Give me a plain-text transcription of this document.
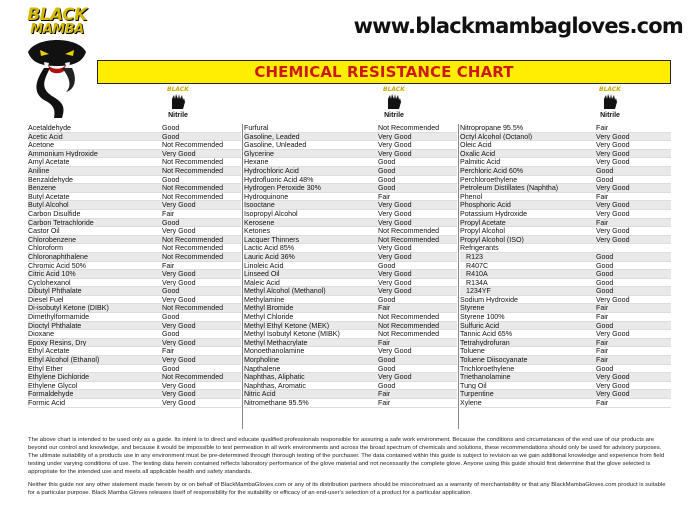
BLACK
MAMBA	www.blackmambagloves.com
CHEMICAL RESISTANCE CHART
BLACK
Nitrile
BLACK
Nitrile
BLACK
Nitrile
Acetaldehyde	Good
Acetic Acid	Good
Acetone	Not Recommended
Ammonium Hydroxide	Very Good
Amyl Acetate	Not Recommended
Aniline	Not Recommended
Benzaldehyde	Good
Benzene	Not Recommended
Butyl Acetate	Not Recommended
Butyl Alcohol	Very Good
Carbon Disulfide	Fair
Carbon Tetrachloride	Good
Castor Oil	Very Good
Chlorobenzene	Not Recommended
Chloroform	Not Recommended
Chloronaphthalene	Not Recommended
Chromic Acid 50%	Fair
Citric Acid 10%	Very Good
Cyclohexanol	Very Good
Dibutyl Phthalate	Good
Diesel Fuel	Very Good
Di-isobutyl Ketone (DIBK)	Not Recommended
Dimethylformamide	Good
Dioctyl Phthalate	Very Good
Dioxane	Good
Epoxy Resins, Dry	Very Good
Ethyl Acetate	Fair
Ethyl Alcohol (Ethanol)	Very Good
Ethyl Ether	Good
Ethylene Dichloride	Not Recommended
Ethylene Glycol	Very Good
Formaldehyde	Very Good
Formic Acid	Very Good
Furfural	Not Recommended
Gasoline, Leaded	Very Good
Gasoline, Unleaded	Very Good
Glycerine	Very Good
Hexane	Good
Hydrochloric Acid	Good
Hydrofluoric Acid 48%	Good
Hydrogen Peroxide 30%	Good
Hydroquinone	Fair
Isooctane	Very Good
Isopropyl Alcohol	Very Good
Kerosene	Very Good
Ketones	Not Recommended
Lacquer Thinners	Not Recommended
Lactic Acid 85%	Very Good
Lauric Acid 36%	Very Good
Linoleic Acid	Good
Linseed Oil	Very Good
Maleic Acid	Very Good
Methyl Alcohol (Methanol)	Very Good
Methylamine	Good
Methyl Bromide	Fair
Methyl Chloride	Not Recommended
Methyl Ethyl Ketone (MEK)	Not Recommended
Methyl Isobutyl Ketone (MIBK)	Not Recommended
Methyl Methacrylate	Fair
Monoethanolamine	Very Good
Morpholine	Good
Napthalene	Good
Naphthas, Aliphatic	Very Good
Naphthas, Aromatic	Good
Nitric Acid	Fair
Nitromethane 95.5%	Fair
Nitropropane 95.5%	Fair
Octyl Alcohol (Octanol)	Very Good
Oleic Acid	Very Good
Oxalic Acid	Very Good
Palmitic Acid	Very Good
Perchloric Acid 60%	Good
Perchloroethylene	Good
Petroleum Distillates (Naphtha)	Very Good
Phenol	Fair
Phosphoric Acid	Very Good
Potassium Hydroxide	Very Good
Propyl Acetate	Fair
Propyl Alcohol	Very Good
Propyl Alcohol (ISO)	Very Good
Refrigerants
R123	Good
R407C	Good
R410A	Good
R134A	Good
1234YF	Good
Sodium Hydroxide	Very Good
Styrene	Fair
Styrene 100%	Fair
Sulfuric Acid	Good
Tannic Acid 65%	Very Good
Tetrahydrofuran	Fair
Toluene	Fair
Toluene Diisocyanate	Fair
Trichloroethylene	Good
Triethanolamine	Very Good
Tung Oil	Very Good
Turpentine	Very Good
Xylene	Fair
The above chart is intended to be used only as a guide. Its intent is to direct and educate qualified professionals responsible for assuring a safe work environment. Because the conditions and circumstances of the end use of our products are beyond our control and knowledge, and because it would be impossible to test permeation in all work environments and across the broad spectrum of chemicals and solutions, these recommendations should only be used for advisory purposes. The ultimate suitability of a products use in any environment must be pre-determined through thorough testing of the purchaser. The data contained within this guide is subject to revision as we gain additional knowledge and experience from field testing under varying conditions of use. The testing data herein contained reflects laboratory performance of the glove material and not necessarily the complete glove. Anyone using this guide should first determine that the glove selected is appropriate for the intended use and meets all applicable health and safety standards.
Neither this guide nor any other statement made herein by or on behalf of BlackMambaGloves.com or any of its distribution partners should be misconstrued as a warranty of merchantability or that any BlackMambaGloves.com product is suitable for a particular purpose. Black Mamba Gloves releases itself of responsibility for the suitability or efficacy of an end-user's selection of a product for a particular application.
